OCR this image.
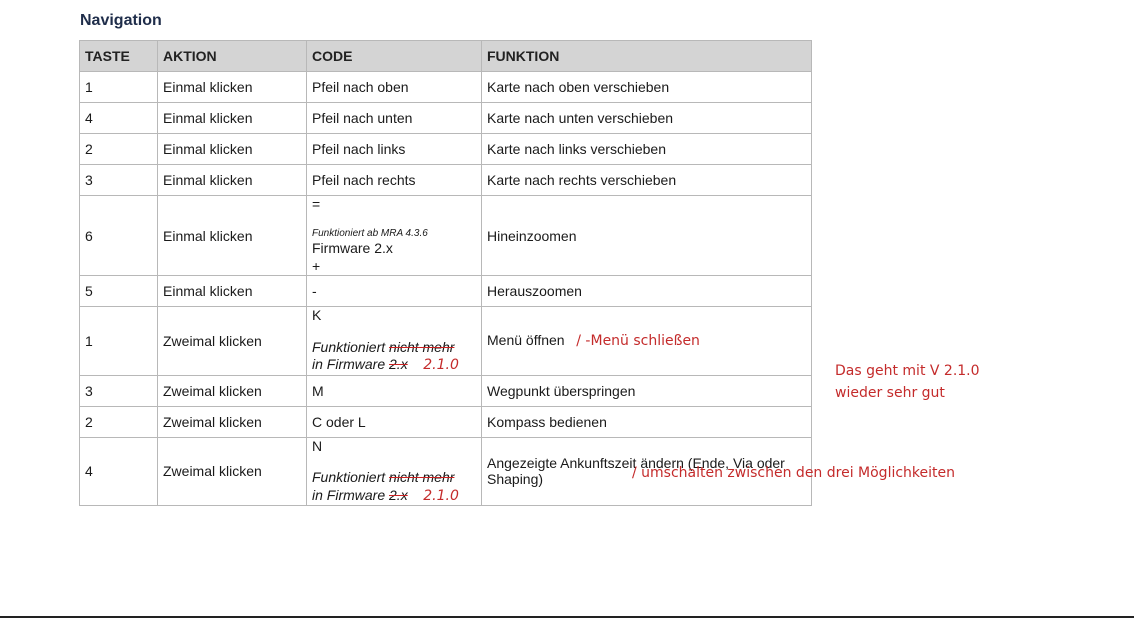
Navigation
TASTE	AKTION	CODE	FUNKTION
1	Einmal klicken	Pfeil nach oben	Karte nach oben verschieben
4	Einmal klicken	Pfeil nach unten	Karte nach unten verschieben
2	Einmal klicken	Pfeil nach links	Karte nach links verschieben
3	Einmal klicken	Pfeil nach rechts	Karte nach rechts verschieben
6	Einmal klicken	=
Funktioniert ab MRA 4.3.6
Firmware 2.x
+	Hineinzoomen
5	Einmal klicken	-	Herauszoomen
1	Zweimal klicken	K
Funktioniert nicht mehr
in Firmware 2.x 2.1.0	Menü öffnen / -Menü schließen
3	Zweimal klicken	M	Wegpunkt überspringen
2	Zweimal klicken	C oder L	Kompass bedienen
4	Zweimal klicken	N
Funktioniert nicht mehr
in Firmware 2.x 2.1.0	Angezeigte Ankunftszeit ändern (Ende, Via oder Shaping)
Das geht mit V 2.1.0
wieder sehr gut
/ umschalten zwischen den drei Möglichkeiten
